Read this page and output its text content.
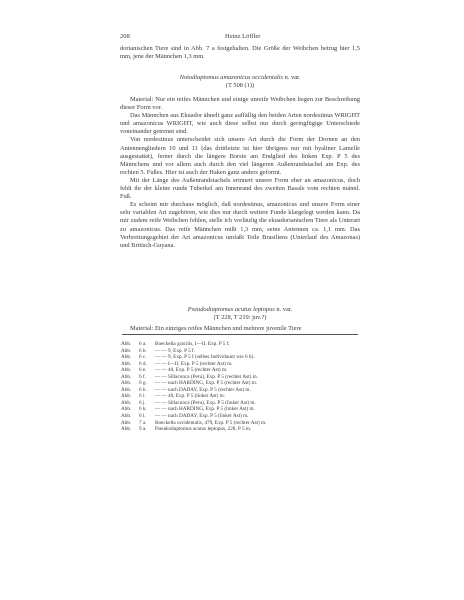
208	Heinz Löffler

dorianischen Tiere sind in Abb. 7 a festgehalten. Die Größe der Weibchen betrug hier 1,5 mm, jene der Männchen 1,3 mm.

Notodiaptomus amazonicus occidentalis n. var.
(T 508 (1))

Material: Nur ein reifes Männchen und einige unreife Weibchen liegen zur Beschreibung dieser Form vor.

Das Männchen aus Ekuador ähnelt ganz auffällig den beiden Arten nordestinus WRIGHT und amazonicus WRIGHT, wie auch diese selbst nur durch geringfügige Unterschiede voneinander getrennt sind.

Von nordestinus unterscheidet sich unsere Art durch die Form der Dornen an den Antennengliedern 10 und 11 (das drittletzte ist hier übrigens nur mit hyaliner Lamelle ausgestattet), ferner durch die längere Borste am Endglied des linken Exp. P 5 des Männchens und vor allem auch durch den viel längeren Außenrandstachel am Exp. des rechten 5. Fußes. Hier ist auch der Haken ganz anders geformt.

Mit der Länge des Außenrandstachels erinnert unsere Form eher an amazonicus, doch fehlt ihr der kleine runde Tuberkel am Innenrand des zweiten Basale vom rechten männl. Fuß.

Es scheint mir durchaus möglich, daß nordestinus, amazonicus und unsere Form einer sehr variablen Art zugehören, wie dies nur durch weitere Funde klargelegt werden kann. Da mir zudem reife Weibchen fehlen, stelle ich vorläufig die ekuadorianischen Tiere als Unterart zu amazonicus. Das reife Männchen mißt 1,3 mm, seine Antennen ca. 1,1 mm. Das Verbreitungsgebiet der Art amazonicus umfaßt Teile Brasiliens (Unterlauf des Amazonas) und Britisch-Guyana.

Pseudodiaptomus acutus leptopus n. var.
(T 228, T 219: juv.?)

Material: Ein einziges reifes Männchen und mehrere juvenile Tiere

Abb.	6 a.	Boeckella gracilis, I—II, Exp. P 5 f.
Abb.	6 b.	— — 9, Exp. P 5 f.
Abb.	6 c.	— — 9, Exp. P 5 f (selbes Individuum wie 6 b).
Abb.	6 d.	— — I—II, Exp. P 5 (rechter Ast) m.
Abb.	6 e.	— — 40, Exp. P 5 (rechter Ast) m.
Abb.	6 f.	— — Sillacunca (Peru), Exp. P 5 (rechter Ast) m.
Abb.	6 g.	— — nach HARDING, Exp. P 5 (rechter Ast) m.
Abb.	6 h.	— — nach DADAY, Exp. P 5 (rechter Ast) m.
Abb.	6 i.	— — 40, Exp. P 5 (linker Ast) m.
Abb.	6 j.	— — Sillacunca (Peru), Exp. P 5 (linker Ast) m.
Abb.	6 k.	— — nach HARDING, Exp. P 5 (linker Ast) m.
Abb.	6 l.	— — nach DADAY, Exp. P 5 (linker Ast) m.
Abb.	7 a.	Boeckella occidentalis, 479, Exp. P 5 (rechter Ast) m.
Abb.	9 a.	Pseudodiaptomus acutus leptopus, 228, P 5 m.
